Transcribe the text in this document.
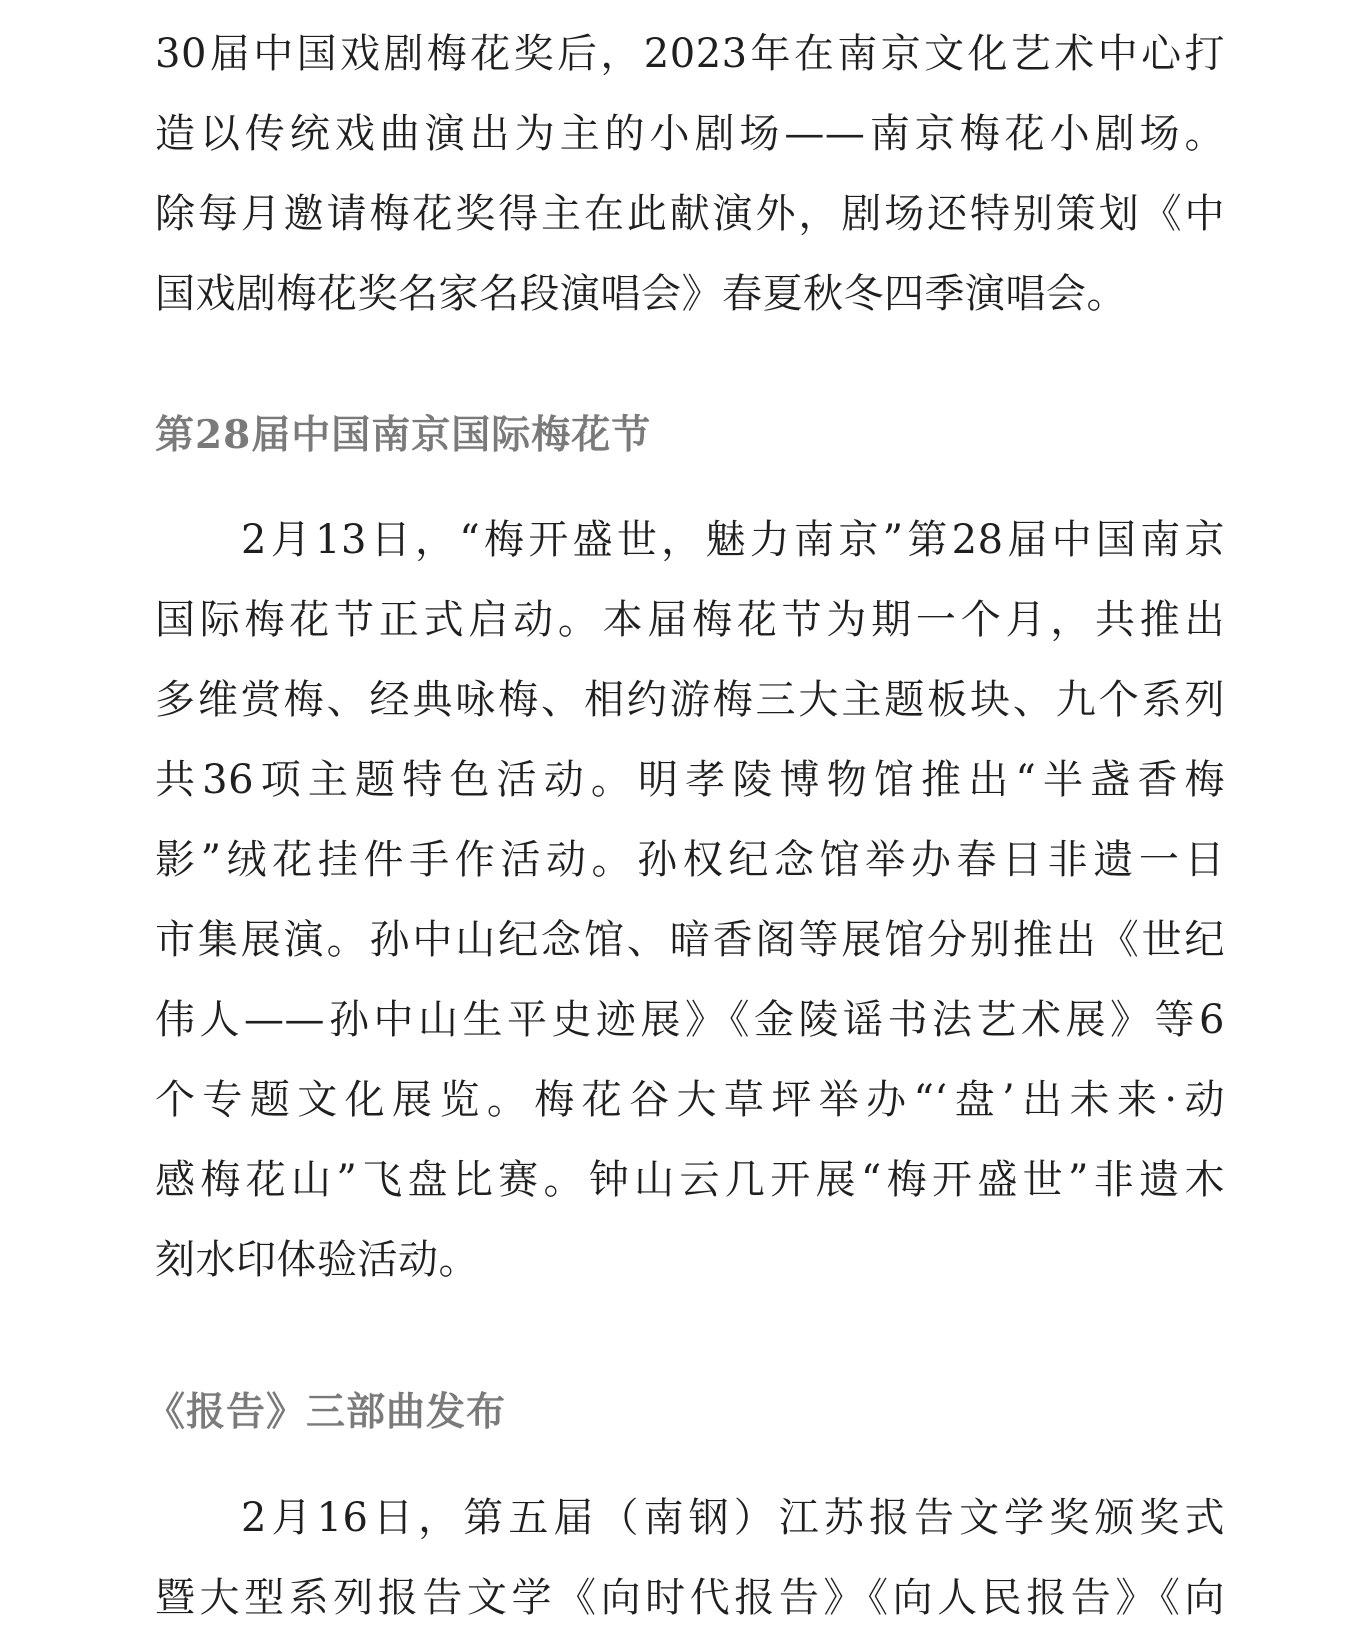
30届中国戏剧梅花奖后，2023年在南京文化艺术中心打
造以传统戏曲演出为主的小剧场——南京梅花小剧场。
除每月邀请梅花奖得主在此献演外，剧场还特别策划《中
国戏剧梅花奖名家名段演唱会》春夏秋冬四季演唱会。
第28届中国南京国际梅花节
2月13日，“梅开盛世，魅力南京”第28届中国南京
国际梅花节正式启动。本届梅花节为期一个月，共推出
多维赏梅、经典咏梅、相约游梅三大主题板块、九个系列
共36项主题特色活动。明孝陵博物馆推出“半盏香梅
影”绒花挂件手作活动。孙权纪念馆举办春日非遗一日
市集展演。孙中山纪念馆、暗香阁等展馆分别推出《世纪
伟人——孙中山生平史迹展》《金陵谣书法艺术展》等6
个专题文化展览。梅花谷大草坪举办“‘盘’出未来·动
感梅花山”飞盘比赛。钟山云几开展“梅开盛世”非遗木
刻水印体验活动。
《报告》三部曲发布
2月16日，第五届（南钢）江苏报告文学奖颁奖式
暨大型系列报告文学《向时代报告》《向人民报告》《向
